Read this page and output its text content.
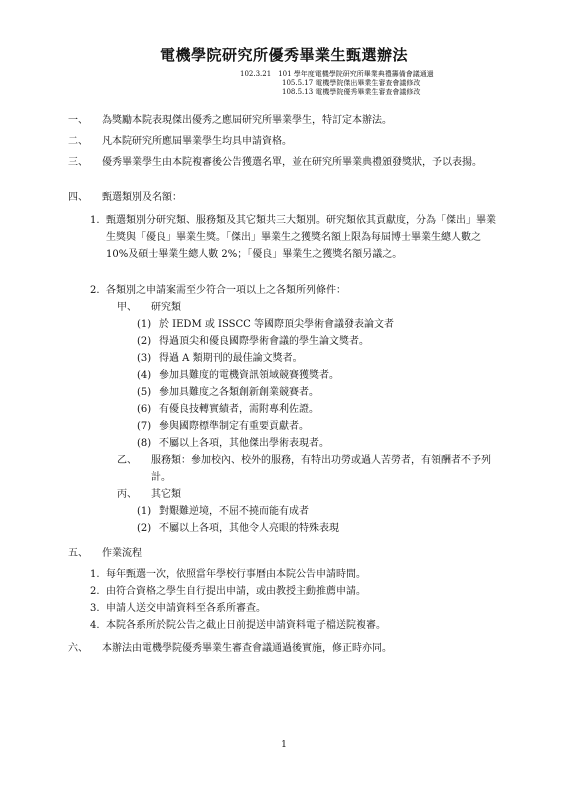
電機學院研究所優秀畢業生甄選辦法
102.3.21　101 學年度電機學院研究所畢業典禮籌備會議通過
105.5.17 電機學院傑出畢業生審查會議修改
108.5.13 電機學院優秀畢業生審查會議修改
一、	為獎勵本院表現傑出優秀之應屆研究所畢業學生，特訂定本辦法。
二、	凡本院研究所應屆畢業學生均具申請資格。
三、	優秀畢業學生由本院複審後公告獲選名單，並在研究所畢業典禮頒發獎狀，予以表揚。
四、	甄選類別及名額：
1. 甄選類別分研究類、服務類及其它類共三大類別。研究類依其貢獻度，分為「傑出」畢業生獎與「優良」畢業生獎。「傑出」畢業生之獲獎名額上限為每屆博士畢業生總人數之 10%及碩士畢業生總人數 2%；「優良」畢業生之獲獎名額另議之。
2. 各類別之申請案需至少符合一項以上之各類所列條件：
甲、 研究類
(1) 於 IEDM 或 ISSCC 等國際頂尖學術會議發表論文者
(2) 得過頂尖和優良國際學術會議的學生論文獎者。
(3) 得過 A 類期刊的最佳論文獎者。
(4) 參加具難度的電機資訊領域競賽獲獎者。
(5) 參加具難度之各類創新創業競賽者。
(6) 有優良技轉實績者，需附專利佐證。
(7) 參與國際標準制定有重要貢獻者。
(8) 不屬以上各項，其他傑出學術表現者。
乙、 服務類：參加校內、校外的服務，有特出功勞或過人苦勞者，有領酬者不予列計。
丙、 其它類
(1) 對艱難逆境，不屈不撓而能有成者
(2) 不屬以上各項，其他令人亮眼的特殊表現
五、	作業流程
1. 每年甄選一次，依照當年學校行事曆由本院公告申請時間。
2. 由符合資格之學生自行提出申請，或由教授主動推薦申請。
3. 申請人送交申請資料至各系所審查。
4. 本院各系所於院公告之截止日前提送申請資料電子檔送院複審。
六、	本辦法由電機學院優秀畢業生審查會議通過後實施，修正時亦同。
1
